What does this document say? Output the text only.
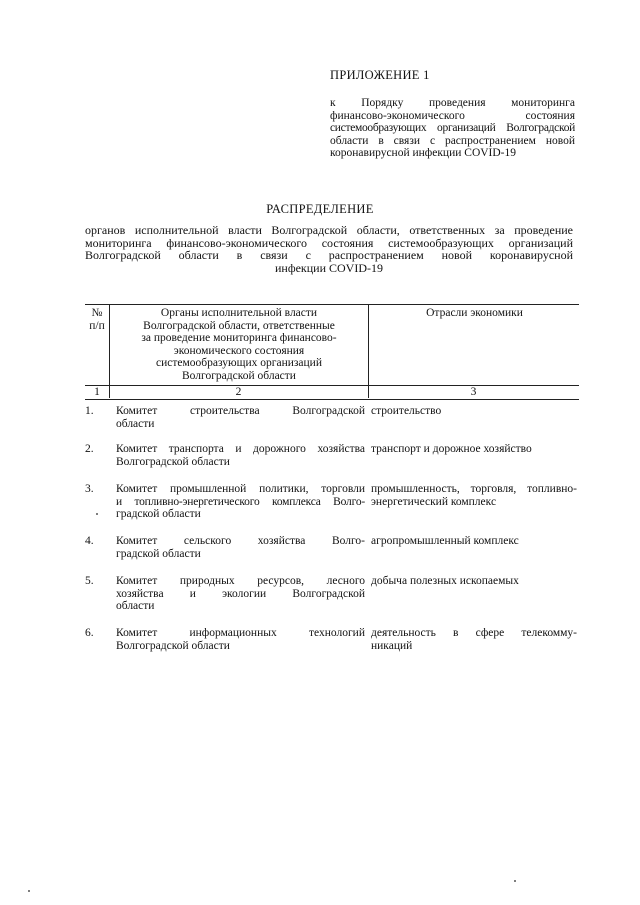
ПРИЛОЖЕНИЕ 1
к Порядку проведения мониторинга
финансово-экономического состояния
системообразующих организаций Волгоградской
области в связи с распространением новой
коронавирусной инфекции COVID-19
РАСПРЕДЕЛЕНИЕ
органов исполнительной власти Волгоградской области, ответственных за проведение
мониторинга финансово-экономического состояния системообразующих организаций
Волгоградской области в связи с распространением новой коронавирусной
инфекции COVID-19
№
п/п
Органы исполнительной власти
Волгоградской области, ответственные
за проведение мониторинга финансово-
экономического состояния
системообразующих организаций
Волгоградской области
Отрасли экономики
1	2	3
1. Комитет строительства Волгоградской
области
строительство
2. Комитет транспорта и дорожного хозяйства
Волгоградской области
транспорт и дорожное хозяйство
3. Комитет промышленной политики, торговли
и топливно-энергетического комплекса Волго-
градской области
промышленность, торговля, топливно-
энергетический комплекс
4. Комитет сельского хозяйства Волго-
градской области
агропромышленный комплекс
5. Комитет природных ресурсов, лесного
хозяйства и экологии Волгоградской
области
добыча полезных ископаемых
6. Комитет информационных технологий
Волгоградской области
деятельность в сфере телекомму-
никаций
